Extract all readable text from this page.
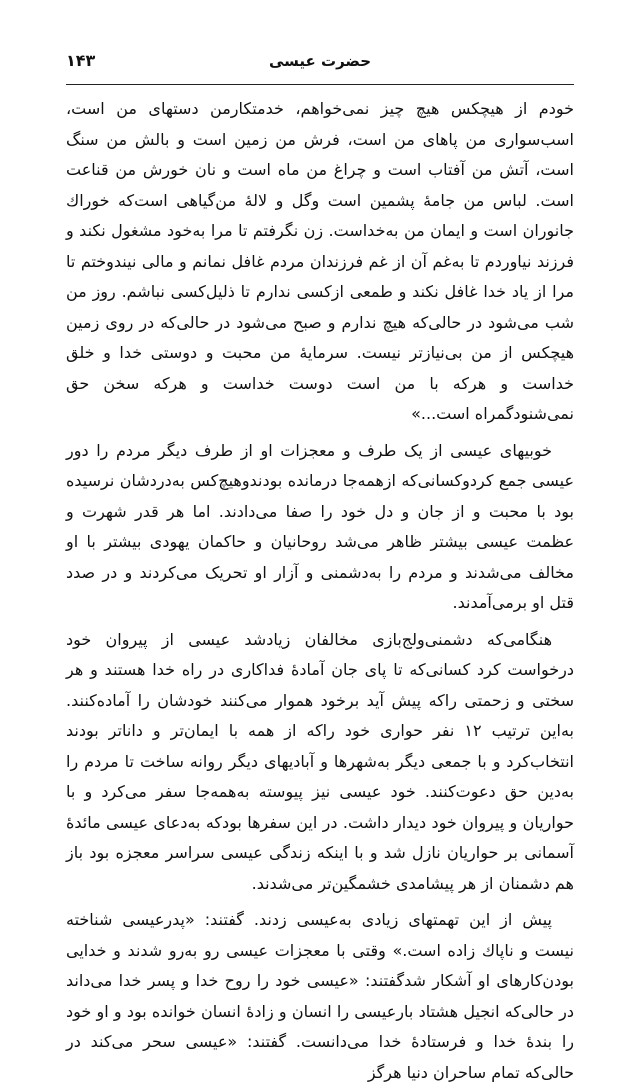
حضرت عیسی
۱۴۳

خودم از هیچکس هیچ چیز نمی‌خواهم، خدمتکارمن دستهای من است، اسب‌سواری من پاهای من است، فرش من زمین است و بالش من سنگ است، آتش من آفتاب است و چراغ من ماه است و نان خورش من قناعت است. لباس من جامهٔ پشمین است وگل و لالهٔ من‌گیاهی است‌که خوراك جانوران است و ایمان من به‌خداست. زن نگرفتم تا مرا به‌خود مشغول نکند و فرزند نیاوردم تا به‌غم آن از غم فرزندان مردم غافل نمانم و مالی نیندوختم تا مرا از یاد خدا غافل نکند و طمعی ازکسی ندارم تا ذلیل‌کسی نباشم. روز من شب می‌شود در حالی‌که هیچ ندارم و صبح می‌شود در حالی‌که در روی زمین هیچکس از من بی‌نیازتر نیست. سرمایهٔ من محبت و دوستی خدا و خلق خداست و هرکه با من است دوست خداست و هرکه سخن حق نمی‌شنودگمراه است...»

خوبیهای عیسی از یک طرف و معجزات او از طرف دیگر مردم را دور عیسی جمع کردوکسانی‌که ازهمه‌جا درمانده بودندوهیچ‌کس به‌دردشان نرسیده بود با محبت و از جان و دل خود را صفا می‌دادند. اما هر قدر شهرت و عظمت عیسی بیشتر ظاهر می‌شد روحانیان و حاکمان یهودی بیشتر با او مخالف می‌شدند و مردم را به‌دشمنی و آزار او تحریک می‌کردند و در صدد قتل او برمی‌آمدند.

هنگامی‌که دشمنی‌ولج‌بازی مخالفان زیادشد عیسی از پیروان خود درخواست کرد کسانی‌که تا پای جان آمادهٔ فداکاری در راه خدا هستند و هر سختی و زحمتی راکه پیش آید برخود هموار می‌کنند خودشان را آماده‌کنند. به‌این ترتیب ۱۲ نفر حواری خود راکه از همه با ایمان‌تر و داناتر بودند انتخاب‌کرد و با جمعی دیگر به‌شهرها و آبادیهای دیگر روانه ساخت تا مردم را به‌دین حق دعوت‌کنند. خود عیسی نیز پیوسته به‌همه‌جا سفر می‌کرد و با حواریان و پیروان خود دیدار داشت. در این سفرها بودکه به‌دعای عیسی مائدهٔ آسمانی بر حواریان نازل شد و با اینکه زندگی عیسی سراسر معجزه بود باز هم دشمنان از هر پیشامدی خشمگین‌تر می‌شدند.

پیش از این تهمتهای زیادی به‌عیسی زدند. گفتند: «پدرعیسی شناخته نیست و ناپاك زاده است.» وقتی با معجزات عیسی رو به‌رو شدند و خدایی بودن‌کارهای او آشکار شدگفتند: «عیسی خود را روح خدا و پسر خدا می‌داند در حالی‌که انجیل هشتاد بارعیسی را انسان و زادهٔ انسان خوانده بود و او خود را بندهٔ خدا و فرستادهٔ خدا می‌دانست. گفتند: «عیسی سحر می‌کند در حالی‌که تمام ساحران دنیا هرگز
